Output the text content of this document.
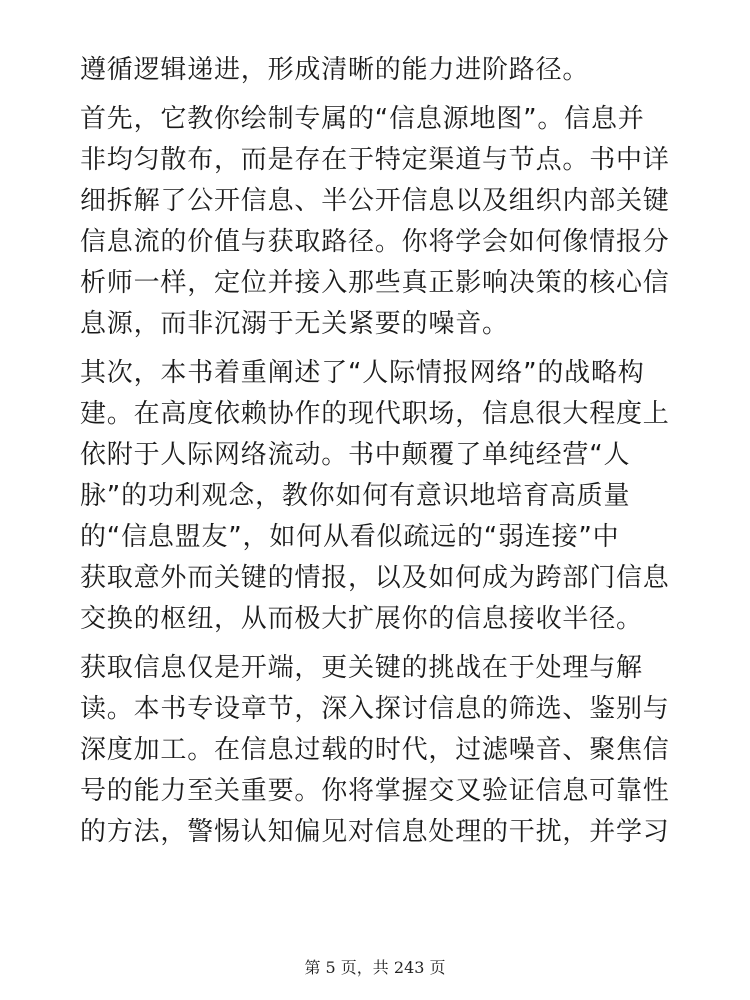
遵循逻辑递进，形成清晰的能力进阶路径。

首先，它教你绘制专属的“信息源地图”。信息并
非均匀散布，而是存在于特定渠道与节点。书中详
细拆解了公开信息、半公开信息以及组织内部关键
信息流的价值与获取路径。你将学会如何像情报分
析师一样，定位并接入那些真正影响决策的核心信
息源，而非沉溺于无关紧要的噪音。

其次，本书着重阐述了“人际情报网络”的战略构
建。在高度依赖协作的现代职场，信息很大程度上
依附于人际网络流动。书中颠覆了单纯经营“人
脉”的功利观念，教你如何有意识地培育高质量
的“信息盟友”，如何从看似疏远的“弱连接”中
获取意外而关键的情报，以及如何成为跨部门信息
交换的枢纽，从而极大扩展你的信息接收半径。

获取信息仅是开端，更关键的挑战在于处理与解
读。本书专设章节，深入探讨信息的筛选、鉴别与
深度加工。在信息过载的时代，过滤噪音、聚焦信
号的能力至关重要。你将掌握交叉验证信息可靠性
的方法，警惕认知偏见对信息处理的干扰，并学习

第 5 页，共 243 页
